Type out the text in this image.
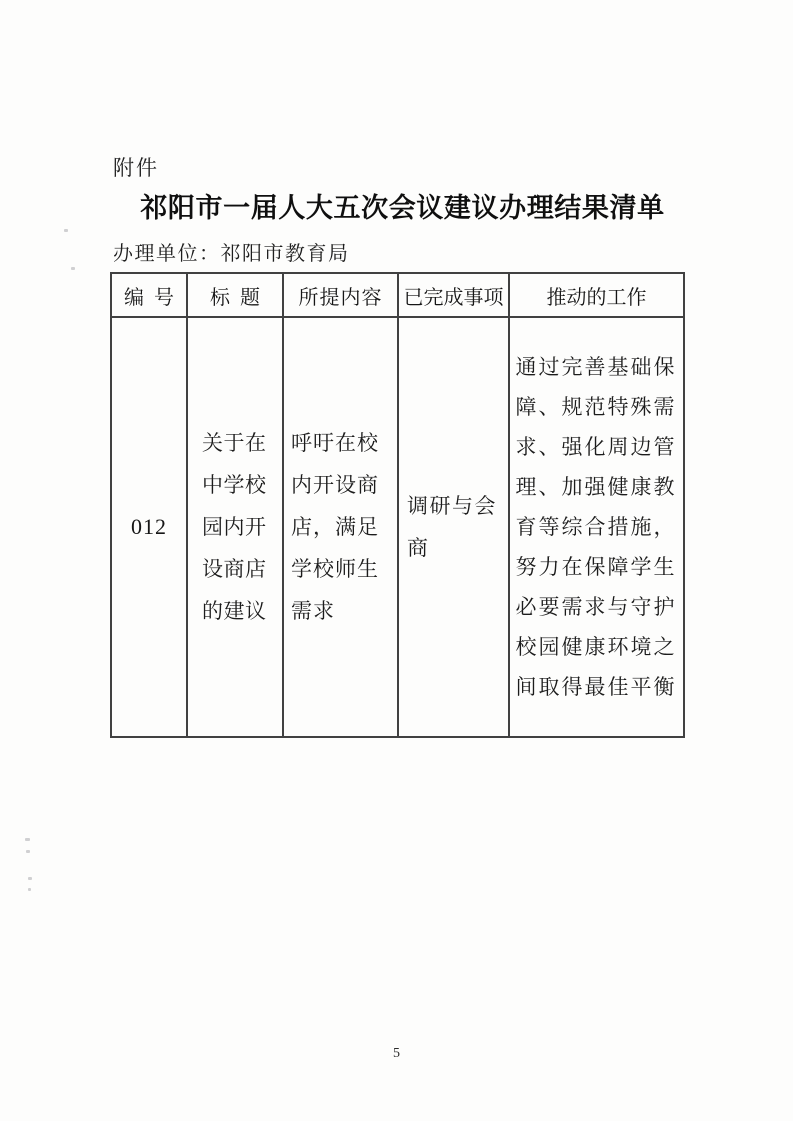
附件
祁阳市一届人大五次会议建议办理结果清单
办理单位：祁阳市教育局
编号	标题	所提内容	已完成事项	推动的工作
012	关于在中学校园内开设商店的建议	呼吁在校内开设商店，满足学校师生需求	调研与会商	通过完善基础保障、规范特殊需求、强化周边管理、加强健康教育等综合措施，努力在保障学生必要需求与守护校园健康环境之间取得最佳平衡
5
